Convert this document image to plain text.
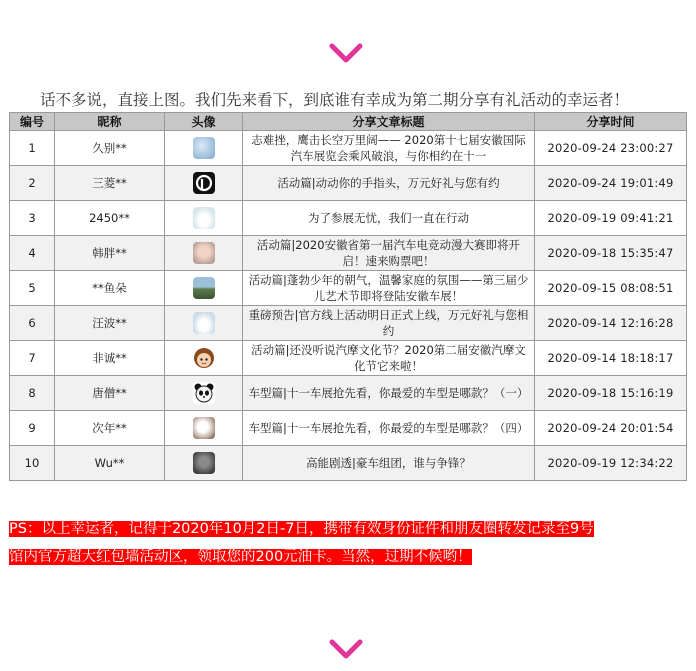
话不多说，直接上图。我们先来看下，到底谁有幸成为第二期分享有礼活动的幸运者！
编号	昵称	头像	分享文章标题	分享时间
1	久别**		志难挫，鹰击长空万里阔—— 2020第十七届安徽国际汽车展览会乘风破浪，与你相约在十一	2020-09-24 23:00:27
2	三菱**		活动篇|动动你的手指头，万元好礼与您有约	2020-09-24 19:01:49
3	2450**		为了参展无忧，我们一直在行动	2020-09-19 09:41:21
4	韩胖**		活动篇|2020安徽省第一届汽车电竞动漫大赛即将开启！速来购票吧！	2020-09-18 15:35:47
5	**鱼朵		活动篇|蓬勃少年的朝气，温馨家庭的氛围——第三届少儿艺术节即将登陆安徽车展！	2020-09-15 08:08:51
6	汪波**		重磅预告|官方线上活动明日正式上线，万元好礼与您相约	2020-09-14 12:16:28
7	非诚**		活动篇|还没听说汽摩文化节？2020第二届安徽汽摩文化节它来啦！	2020-09-14 18:18:17
8	唐僧**		车型篇|十一车展抢先看，你最爱的车型是哪款？（一）	2020-09-18 15:16:19
9	次年**		车型篇|十一车展抢先看，你最爱的车型是哪款？（四）	2020-09-24 20:01:54
10	Wu**		高能剧透|豪车组团，谁与争锋？	2020-09-19 12:34:22
PS：以上幸运者，记得于2020年10月2日-7日，携带有效身份证件和朋友圈转发记录至9号
馆内官方超大红包墙活动区，领取您的200元油卡。当然，过期不候哟！
